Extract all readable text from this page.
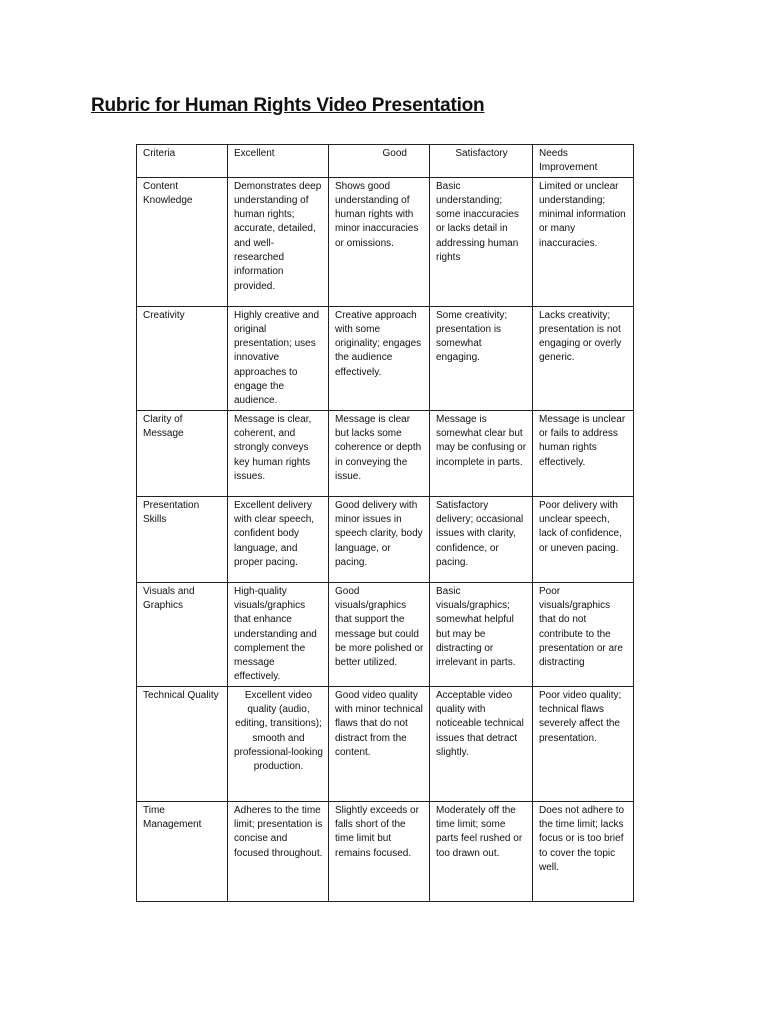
Rubric for Human Rights Video Presentation
Criteria	Excellent	Good	Satisfactory	Needs Improvement
Content Knowledge	Demonstrates deep understanding of human rights; accurate, detailed, and well-researched information provided.	Shows good understanding of human rights with minor inaccuracies or omissions.	Basic understanding; some inaccuracies or lacks detail in addressing human rights	Limited or unclear understanding; minimal information or many inaccuracies.
Creativity	Highly creative and original presentation; uses innovative approaches to engage the audience.	Creative approach with some originality; engages the audience effectively.	Some creativity; presentation is somewhat engaging.	Lacks creativity; presentation is not engaging or overly generic.
Clarity of Message	Message is clear, coherent, and strongly conveys key human rights issues.	Message is clear but lacks some coherence or depth in conveying the issue.	Message is somewhat clear but may be confusing or incomplete in parts.	Message is unclear or fails to address human rights effectively.
Presentation Skills	Excellent delivery with clear speech, confident body language, and proper pacing.	Good delivery with minor issues in speech clarity, body language, or pacing.	Satisfactory delivery; occasional issues with clarity, confidence, or pacing.	Poor delivery with unclear speech, lack of confidence, or uneven pacing.
Visuals and Graphics	High-quality visuals/graphics that enhance understanding and complement the message effectively.	Good visuals/graphics that support the message but could be more polished or better utilized.	Basic visuals/graphics; somewhat helpful but may be distracting or irrelevant in parts.	Poor visuals/graphics that do not contribute to the presentation or are distracting
Technical Quality	Excellent video quality (audio, editing, transitions); smooth and professional-looking production.	Good video quality with minor technical flaws that do not distract from the content.	Acceptable video quality with noticeable technical issues that detract slightly.	Poor video quality; technical flaws severely affect the presentation.
Time Management	Adheres to the time limit; presentation is concise and focused throughout.	Slightly exceeds or falls short of the time limit but remains focused.	Moderately off the time limit; some parts feel rushed or too drawn out.	Does not adhere to the time limit; lacks focus or is too brief to cover the topic well.
